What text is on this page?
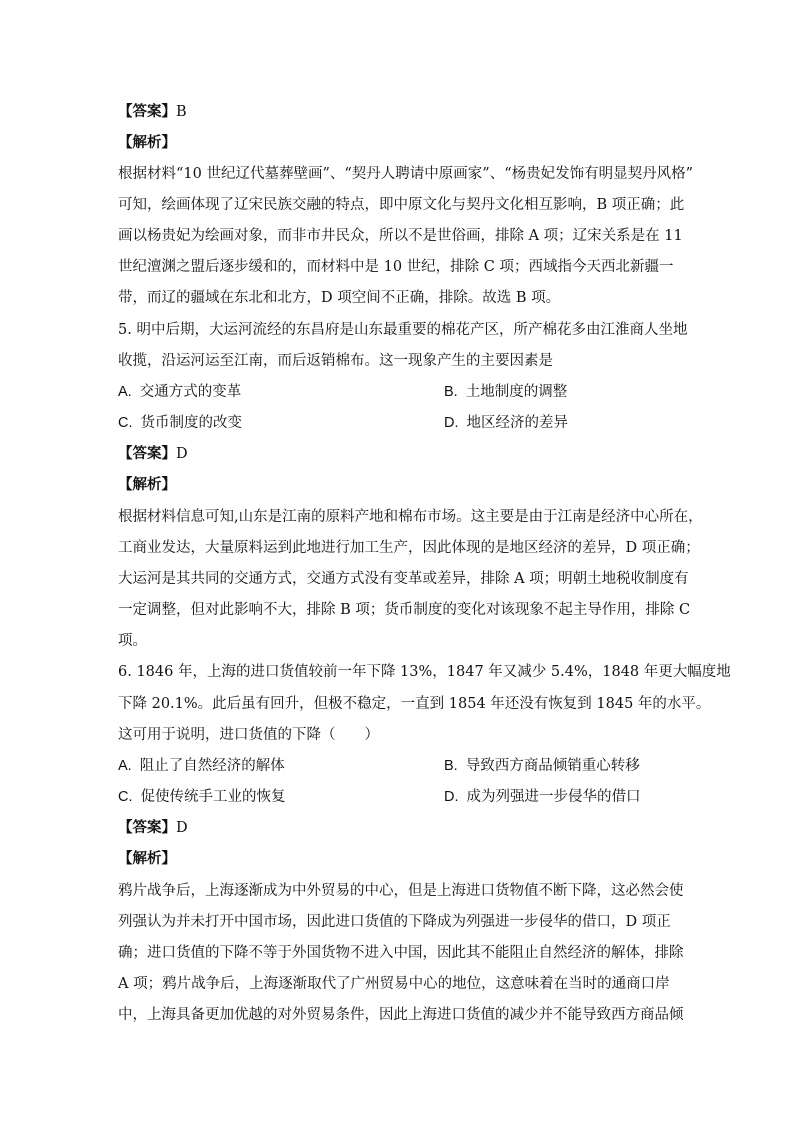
【答案】B
【解析】
根据材料“10 世纪辽代墓葬壁画”、“契丹人聘请中原画家”、“杨贵妃发饰有明显契丹风格”
可知，绘画体现了辽宋民族交融的特点，即中原文化与契丹文化相互影响，B 项正确；此
画以杨贵妃为绘画对象，而非市井民众，所以不是世俗画，排除 A 项；辽宋关系是在 11
世纪澶渊之盟后逐步缓和的，而材料中是 10 世纪，排除 C 项；西域指今天西北新疆一
带，而辽的疆域在东北和北方，D 项空间不正确，排除。故选 B 项。
5. 明中后期，大运河流经的东昌府是山东最重要的棉花产区，所产棉花多由江淮商人坐地
收揽，沿运河运至江南，而后返销棉布。这一现象产生的主要因素是
A. 交通方式的变革	B. 土地制度的调整
C. 货币制度的改变	D. 地区经济的差异
【答案】D
【解析】
根据材料信息可知,山东是江南的原料产地和棉布市场。这主要是由于江南是经济中心所在，
工商业发达，大量原料运到此地进行加工生产，因此体现的是地区经济的差异，D 项正确；
大运河是其共同的交通方式，交通方式没有变革或差异，排除 A 项；明朝土地税收制度有
一定调整，但对此影响不大，排除 B 项；货币制度的变化对该现象不起主导作用，排除 C
项。
6. 1846 年，上海的进口货值较前一年下降 13%，1847 年又减少 5.4%，1848 年更大幅度地
下降 20.1%。此后虽有回升，但极不稳定，一直到 1854 年还没有恢复到 1845 年的水平。
这可用于说明，进口货值的下降（　　）
A. 阻止了自然经济的解体	B. 导致西方商品倾销重心转移
C. 促使传统手工业的恢复	D. 成为列强进一步侵华的借口
【答案】D
【解析】
鸦片战争后，上海逐渐成为中外贸易的中心，但是上海进口货物值不断下降，这必然会使
列强认为并未打开中国市场，因此进口货值的下降成为列强进一步侵华的借口，D 项正
确；进口货值的下降不等于外国货物不进入中国，因此其不能阻止自然经济的解体，排除
A 项；鸦片战争后，上海逐渐取代了广州贸易中心的地位，这意味着在当时的通商口岸
中，上海具备更加优越的对外贸易条件，因此上海进口货值的减少并不能导致西方商品倾
